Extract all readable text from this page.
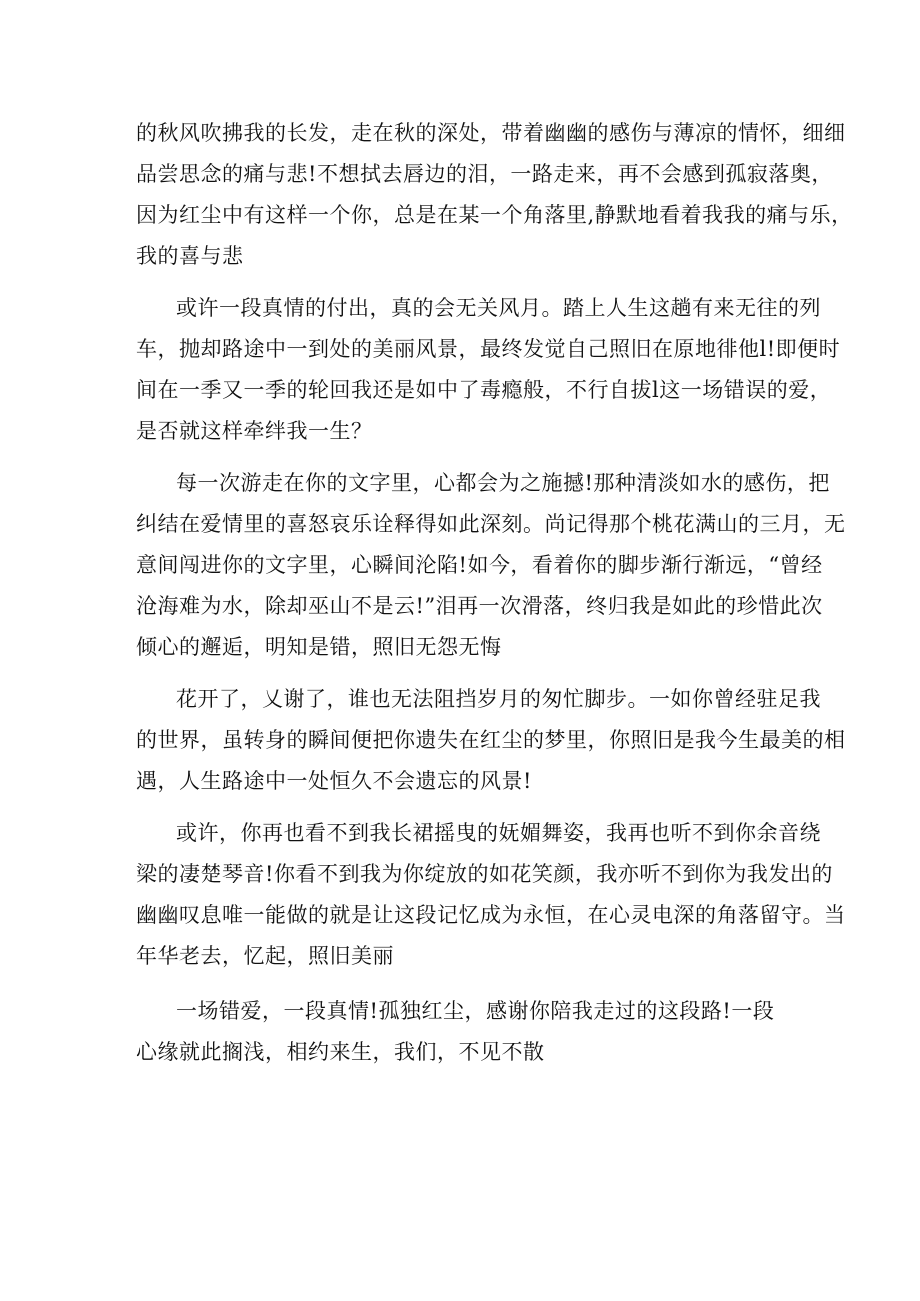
的秋风吹拂我的长发，走在秋的深处，带着幽幽的感伤与薄凉的情怀，细细
品尝思念的痛与悲!不想拭去唇边的泪，一路走来，再不会感到孤寂落奥，
因为红尘中有这样一个你，总是在某一个角落里,静默地看着我我的痛与乐，
我的喜与悲
或许一段真情的付出，真的会无关风月。踏上人生这趟有来无往的列
车，抛却路途中一到处的美丽风景，最终发觉自己照旧在原地徘他l!即便时
间在一季又一季的轮回我还是如中了毒瘾般，不行自拔l这一场错误的爱，
是否就这样牵绊我一生？
每一次游走在你的文字里，心都会为之施撼!那种清淡如水的感伤，把
纠结在爱情里的喜怒哀乐诠释得如此深刻。尚记得那个桃花满山的三月，无
意间闯进你的文字里，心瞬间沦陷!如今，看着你的脚步渐行渐远，“曾经
沧海难为水，除却巫山不是云!”泪再一次滑落，终归我是如此的珍惜此次
倾心的邂逅，明知是错，照旧无怨无悔
花开了，乂谢了，谁也无法阻挡岁月的匆忙脚步。一如你曾经驻足我
的世界，虽转身的瞬间便把你遗失在红尘的梦里，你照旧是我今生最美的相
遇，人生路途中一处恒久不会遗忘的风景!
或许，你再也看不到我长裙摇曳的妩媚舞姿，我再也听不到你余音绕
梁的凄楚琴音!你看不到我为你绽放的如花笑颜，我亦听不到你为我发出的
幽幽叹息唯一能做的就是让这段记忆成为永恒，在心灵电深的角落留守。当
年华老去，忆起，照旧美丽
一场错爱，一段真情!孤独红尘，感谢你陪我走过的这段路!一段
心缘就此搁浅，相约来生，我们，不见不散
